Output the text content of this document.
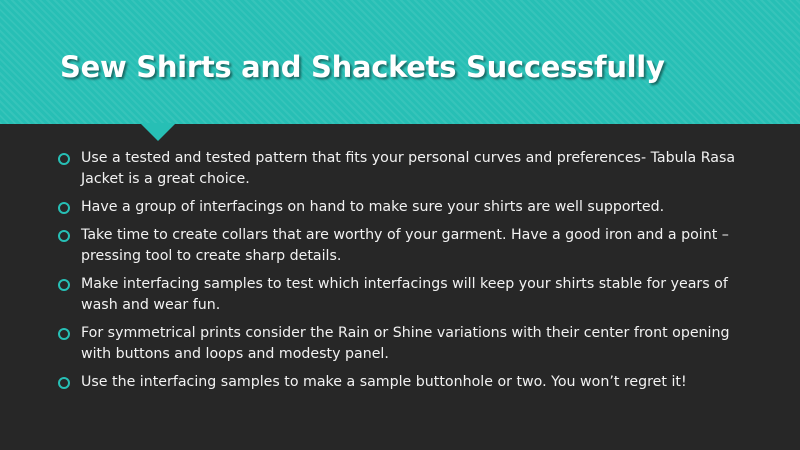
Sew Shirts and Shackets Successfully
Use a tested and tested pattern that fits your personal curves and preferences- Tabula Rasa Jacket is a great choice.
Have a group of interfacings on hand to make sure your shirts are well supported.
Take time to create collars that are worthy of your garment. Have a good iron and a point – pressing tool to create sharp details.
Make interfacing samples to test which interfacings will keep your shirts stable for years of wash and wear fun.
For symmetrical prints consider the Rain or Shine variations with their center front opening with buttons and loops and modesty panel.
Use the interfacing samples to make a sample buttonhole or two. You won’t regret it!
